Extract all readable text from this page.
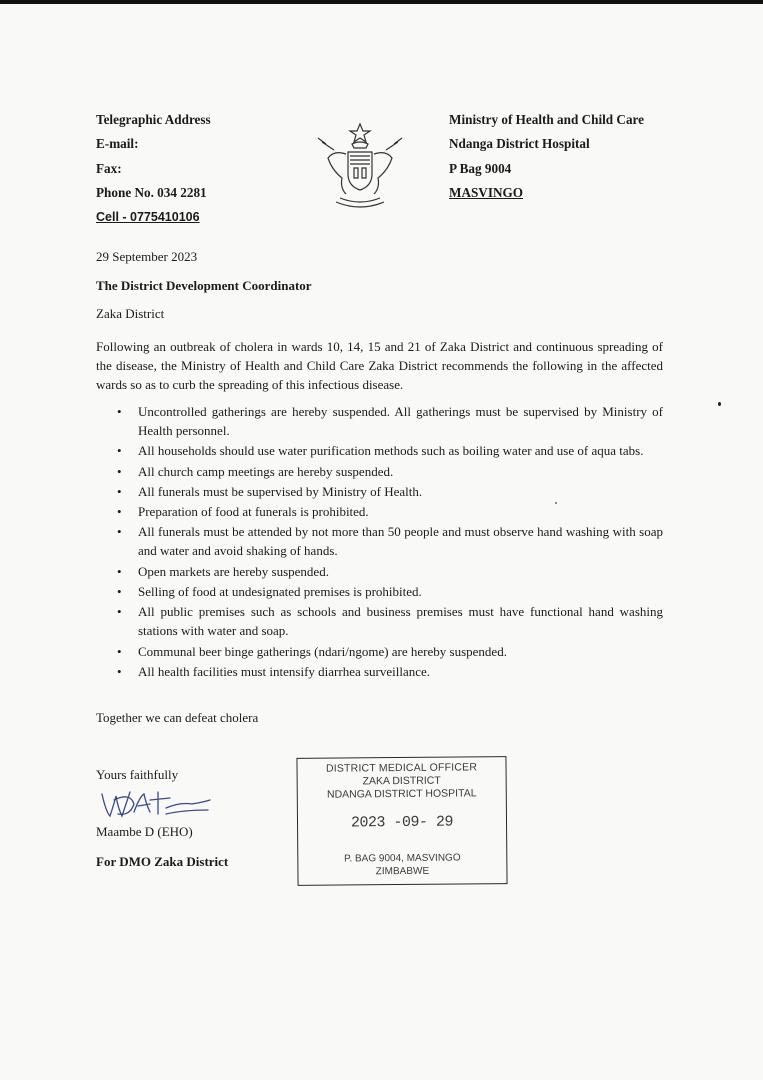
Telegraphic Address
E-mail:
Fax:
Phone No. 034 2281
Cell - 0775410106
Ministry of Health and Child Care
Ndanga District Hospital
P Bag 9004
MASVINGO
29 September 2023
The District Development Coordinator
Zaka District
Following an outbreak of cholera in wards 10, 14, 15 and 21 of Zaka District and continuous spreading of the disease, the Ministry of Health and Child Care Zaka District recommends the following in the affected wards so as to curb the spreading of this infectious disease.
• Uncontrolled gatherings are hereby suspended. All gatherings must be supervised by Ministry of Health personnel.
• All households should use water purification methods such as boiling water and use of aqua tabs.
• All church camp meetings are hereby suspended.
• All funerals must be supervised by Ministry of Health.
• Preparation of food at funerals is prohibited.
• All funerals must be attended by not more than 50 people and must observe hand washing with soap and water and avoid shaking of hands.
• Open markets are hereby suspended.
• Selling of food at undesignated premises is prohibited.
• All public premises such as schools and business premises must have functional hand washing stations with water and soap.
• Communal beer binge gatherings (ndari/ngome) are hereby suspended.
• All health facilities must intensify diarrhea surveillance.
Together we can defeat cholera
Yours faithfully
Maambe D (EHO)
For DMO Zaka District
DISTRICT MEDICAL OFFICER
ZAKA DISTRICT
NDANGA DISTRICT HOSPITAL
2023 -09- 29
P. BAG 9004, MASVINGO
ZIMBABWE
